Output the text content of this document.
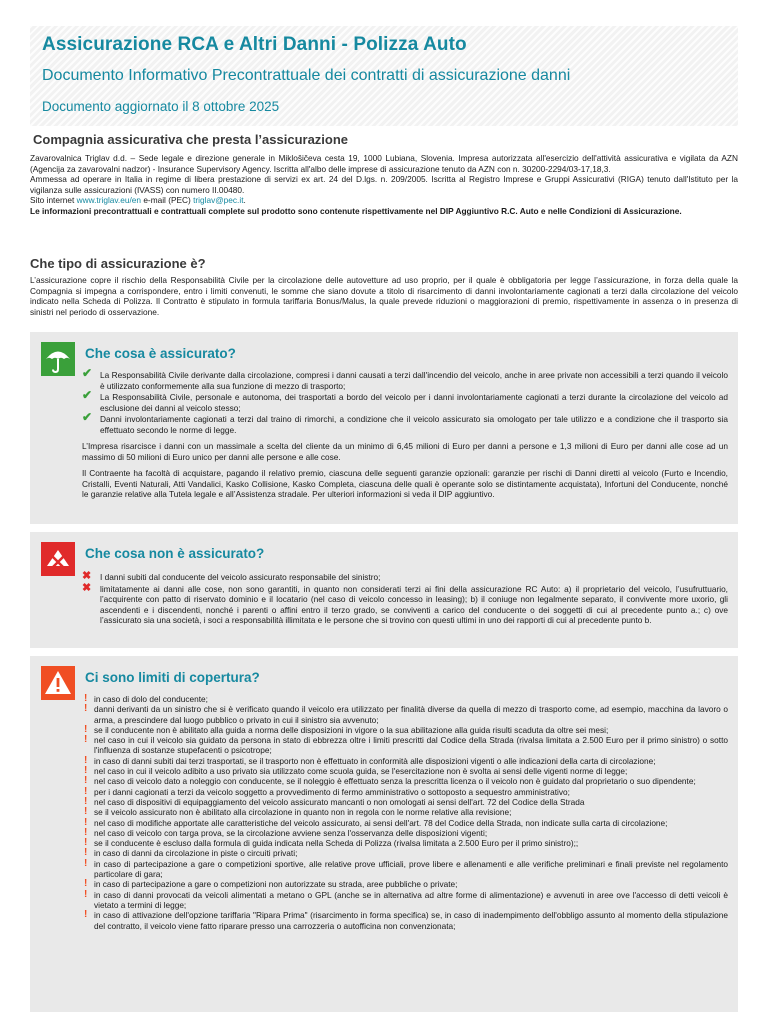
Assicurazione RCA e Altri Danni - Polizza Auto
Documento Informativo Precontrattuale dei contratti di assicurazione danni
Documento aggiornato il 8 ottobre 2025
Compagnia assicurativa che presta l’assicurazione
Zavarovalnica Triglav d.d. – Sede legale e direzione generale in Miklošičeva cesta 19, 1000 Lubiana, Slovenia. Impresa autorizzata all'esercizio dell'attività assicurativa e vigilata da AZN (Agencija za zavarovalni nadzor) - Insurance Supervisory Agency. Iscritta all'albo delle imprese di assicurazione tenuto da AZN con n. 30200-2294/03-17,18,3.
Ammessa ad operare in Italia in regime di libera prestazione di servizi ex art. 24 del D.lgs. n. 209/2005. Iscritta al Registro Imprese e Gruppi Assicurativi (RIGA) tenuto dall'Istituto per la vigilanza sulle assicurazioni (IVASS) con numero II.00480.
Sito internet www.triglav.eu/en e-mail (PEC) triglav@pec.it.
Le informazioni precontrattuali e contrattuali complete sul prodotto sono contenute rispettivamente nel DIP Aggiuntivo R.C. Auto e nelle Condizioni di Assicurazione.
Che tipo di assicurazione è?
L’assicurazione copre il rischio della Responsabilità Civile per la circolazione delle autovetture ad uso proprio, per il quale è obbligatoria per legge l’assicurazione, in forza della quale la Compagnia si impegna a corrispondere, entro i limiti convenuti, le somme che siano dovute a titolo di risarcimento di danni involontariamente cagionati a terzi dalla circolazione del veicolo indicato nella Scheda di Polizza. Il Contratto è stipulato in formula tariffaria Bonus/Malus, la quale prevede riduzioni o maggiorazioni di premio, rispettivamente in assenza o in presenza di sinistri nel periodo di osservazione.
Che cosa è assicurato?
✔ La Responsabilità Civile derivante dalla circolazione, compresi i danni causati a terzi dall'incendio del veicolo, anche in aree private non accessibili a terzi quando il veicolo è utilizzato conformemente alla sua funzione di mezzo di trasporto;
✔ La Responsabilità Civile, personale e autonoma, dei trasportati a bordo del veicolo per i danni involontariamente cagionati a terzi durante la circolazione del veicolo ad esclusione dei danni al veicolo stesso;
✔ Danni involontariamente cagionati a terzi dal traino di rimorchi, a condizione che il veicolo assicurato sia omologato per tale utilizzo e a condizione che il trasporto sia effettuato secondo le norme di legge.
L’Impresa risarcisce i danni con un massimale a scelta del cliente da un minimo di 6,45 milioni di Euro per danni a persone e 1,3 milioni di Euro per danni alle cose ad un massimo di 50 milioni di Euro unico per danni alle persone e alle cose.
Il Contraente ha facoltà di acquistare, pagando il relativo premio, ciascuna delle seguenti garanzie opzionali: garanzie per rischi di Danni diretti al veicolo (Furto e Incendio, Cristalli, Eventi Naturali, Atti Vandalici, Kasko Collisione, Kasko Completa, ciascuna delle quali è operante solo se distintamente acquistata), Infortuni del Conducente, nonché le garanzie relative alla Tutela legale e all’Assistenza stradale. Per ulteriori informazioni si veda il DIP aggiuntivo.
Che cosa non è assicurato?
✖ I danni subiti dal conducente del veicolo assicurato responsabile del sinistro;
✖ limitatamente ai danni alle cose, non sono garantiti, in quanto non considerati terzi ai fini della assicurazione RC Auto: a) il proprietario del veicolo, l’usufruttuario, l’acquirente con patto di riservato dominio e il locatario (nel caso di veicolo concesso in leasing); b) il coniuge non legalmente separato, il convivente more uxorio, gli ascendenti e i discendenti, nonché i parenti o affini entro il terzo grado, se conviventi a carico del conducente o dei soggetti di cui al precedente punto a.; c) ove l’assicurato sia una società, i soci a responsabilità illimitata e le persone che si trovino con questi ultimi in uno dei rapporti di cui al precedente punto b.
Ci sono limiti di copertura?
! in caso di dolo del conducente;
! danni derivanti da un sinistro che si è verificato quando il veicolo era utilizzato per finalità diverse da quella di mezzo di trasporto come, ad esempio, macchina da lavoro o arma, a prescindere dal luogo pubblico o privato in cui il sinistro sia avvenuto;
! se il conducente non è abilitato alla guida a norma delle disposizioni in vigore o la sua abilitazione alla guida risulti scaduta da oltre sei mesi;
! nel caso in cui il veicolo sia guidato da persona in stato di ebbrezza oltre i limiti prescritti dal Codice della Strada (rivalsa limitata a 2.500 Euro per il primo sinistro) o sotto l'influenza di sostanze stupefacenti o psicotrope;
! in caso di danni subiti dai terzi trasportati, se il trasporto non è effettuato in conformità alle disposizioni vigenti o alle indicazioni della carta di circolazione;
! nel caso in cui il veicolo adibito a uso privato sia utilizzato come scuola guida, se l'esercitazione non è svolta ai sensi delle vigenti norme di legge;
! nel caso di veicolo dato a noleggio con conducente, se il noleggio è effettuato senza la prescritta licenza o il veicolo non è guidato dal proprietario o suo dipendente;
! per i danni cagionati a terzi da veicolo soggetto a provvedimento di fermo amministrativo o sottoposto a sequestro amministrativo;
! nel caso di dispositivi di equipaggiamento del veicolo assicurato mancanti o non omologati ai sensi dell'art. 72 del Codice della Strada
! se il veicolo assicurato non è abilitato alla circolazione in quanto non in regola con le norme relative alla revisione;
! nel caso di modifiche apportate alle caratteristiche del veicolo assicurato, ai sensi dell'art. 78 del Codice della Strada, non indicate sulla carta di circolazione;
! nel caso di veicolo con targa prova, se la circolazione avviene senza l'osservanza delle disposizioni vigenti;
! se il conducente è escluso dalla formula di guida indicata nella Scheda di Polizza (rivalsa limitata a 2.500 Euro per il primo sinistro);;
! in caso di danni da circolazione in piste o circuiti privati;
! in caso di partecipazione a gare o competizioni sportive, alle relative prove ufficiali, prove libere e allenamenti e alle verifiche preliminari e finali previste nel regolamento particolare di gara;
! in caso di partecipazione a gare o competizioni non autorizzate su strada, aree pubbliche o private;
! in caso di danni provocati da veicoli alimentati a metano o GPL (anche se in alternativa ad altre forme di alimentazione) e avvenuti in aree ove l'accesso di detti veicoli è vietato a termini di legge;
! in caso di attivazione dell'opzione tariffaria "Ripara Prima" (risarcimento in forma specifica) se, in caso di inadempimento dell'obbligo assunto al momento della stipulazione del contratto, il veicolo viene fatto riparare presso una carrozzeria o autofficina non convenzionata;
